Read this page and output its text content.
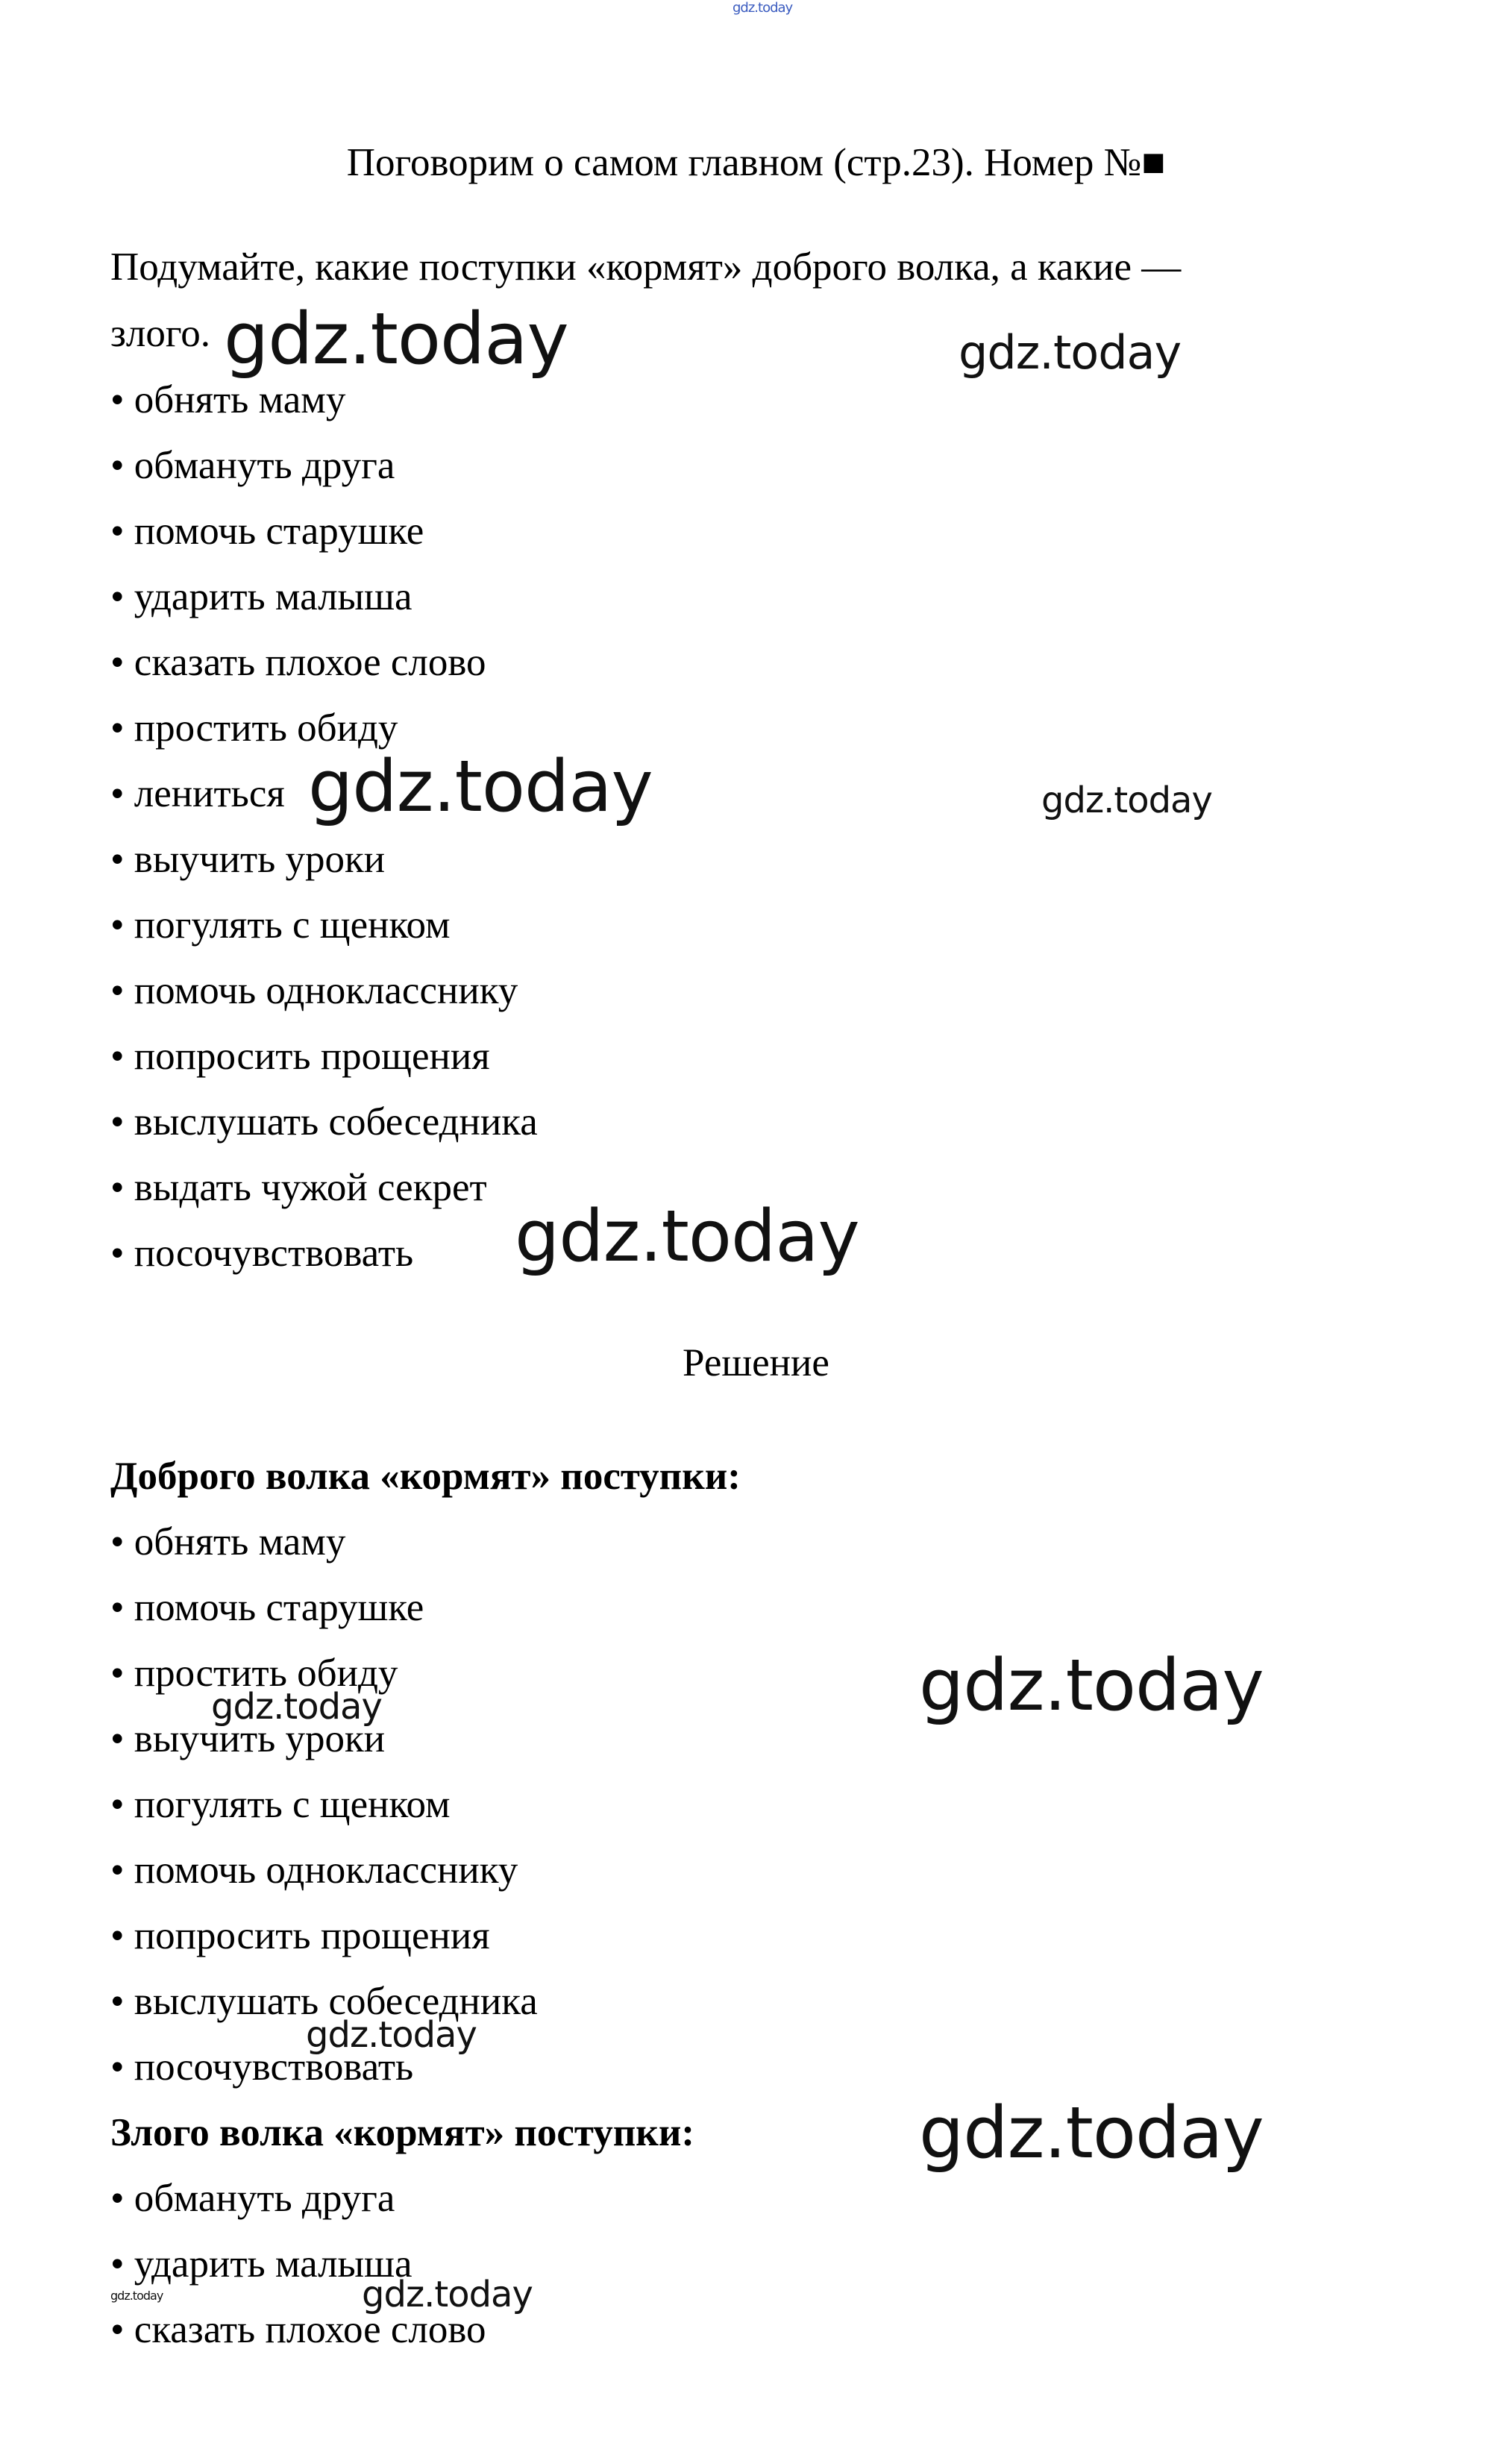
Поговорим о самом главном (стр.23). Номер №■
Подумайте, какие поступки «кормят» доброго волка, а какие —
злого.
• обнять маму
• обмануть друга
• помочь старушке
• ударить малыша
• сказать плохое слово
• простить обиду
• лениться
• выучить уроки
• погулять с щенком
• помочь однокласснику
• попросить прощения
• выслушать собеседника
• выдать чужой секрет
• посочувствовать
Решение
Доброго волка «кормят» поступки:
• обнять маму
• помочь старушке
• простить обиду
• выучить уроки
• погулять с щенком
• помочь однокласснику
• попросить прощения
• выслушать собеседника
• посочувствовать
Злого волка «кормят» поступки:
• обмануть друга
• ударить малыша
• сказать плохое слово
gdz.today
gdz.today	gdz.today
gdz.today	gdz.today
gdz.today
gdz.today
gdz.today
gdz.today
gdz.today
gdz.today	gdz.today
